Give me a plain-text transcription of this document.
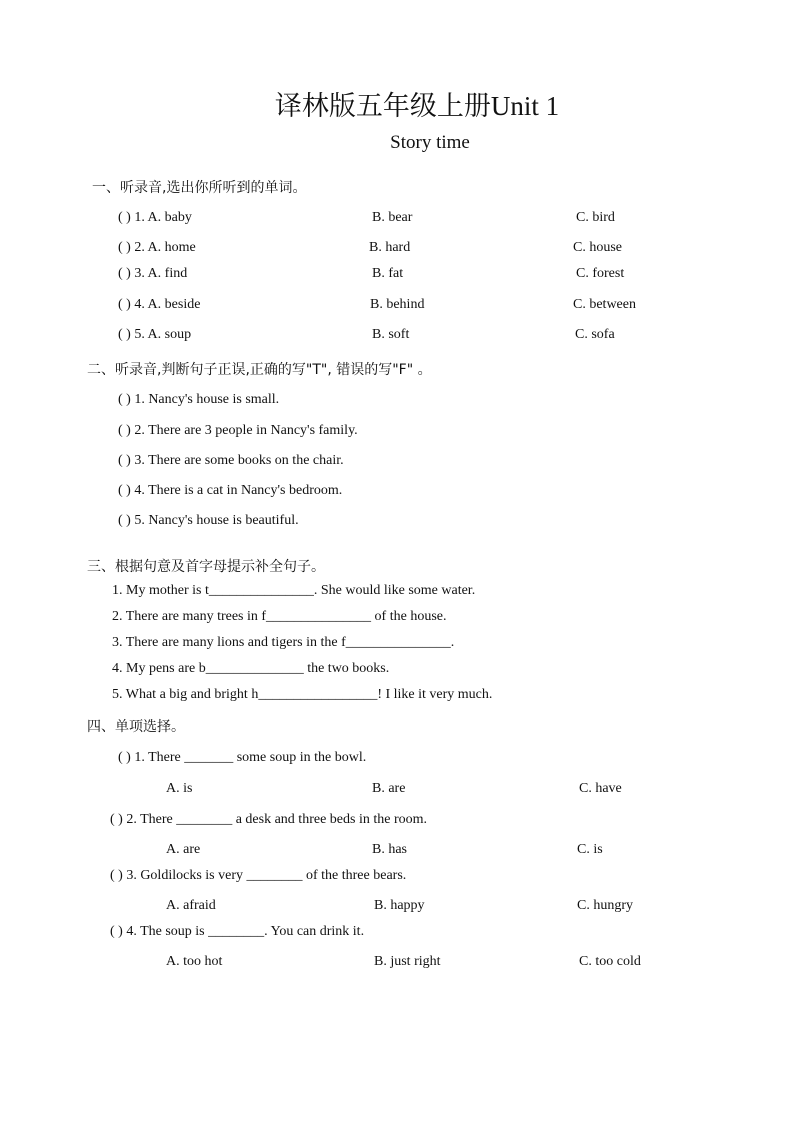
译林版五年级上册Unit 1
Story time
一、听录音,选出你所听到的单词。
( ) 1. A. baby	B. bear	C. bird
( ) 2. A. home	B. hard	C. house
( ) 3. A. find	B. fat	C. forest
( ) 4. A. beside	B. behind	C. between
( ) 5. A. soup	B. soft	C. sofa
二、听录音,判断句子正误,正确的写"T", 错误的写"F" 。
( ) 1. Nancy's house is small.
( ) 2. There are 3 people in Nancy's family.
( ) 3. There are some books on the chair.
( ) 4. There is a cat in Nancy's bedroom.
( ) 5. Nancy's house is beautiful.
三、根据句意及首字母提示补全句子。
1. My mother is t_______________. She would like some water.
2. There are many trees in f_______________ of the house.
3. There are many lions and tigers in the f_______________.
4. My pens are b______________ the two books.
5. What a big and bright h_________________! I like it very much.
四、单项选择。
( ) 1. There _______ some soup in the bowl.
A. is	B. are	C. have
( ) 2. There ________ a desk and three beds in the room.
A. are	B. has	C. is
( ) 3. Goldilocks is very ________ of the three bears.
A. afraid	B. happy	C. hungry
( ) 4. The soup is ________. You can drink it.
A. too hot	B. just right	C. too cold
